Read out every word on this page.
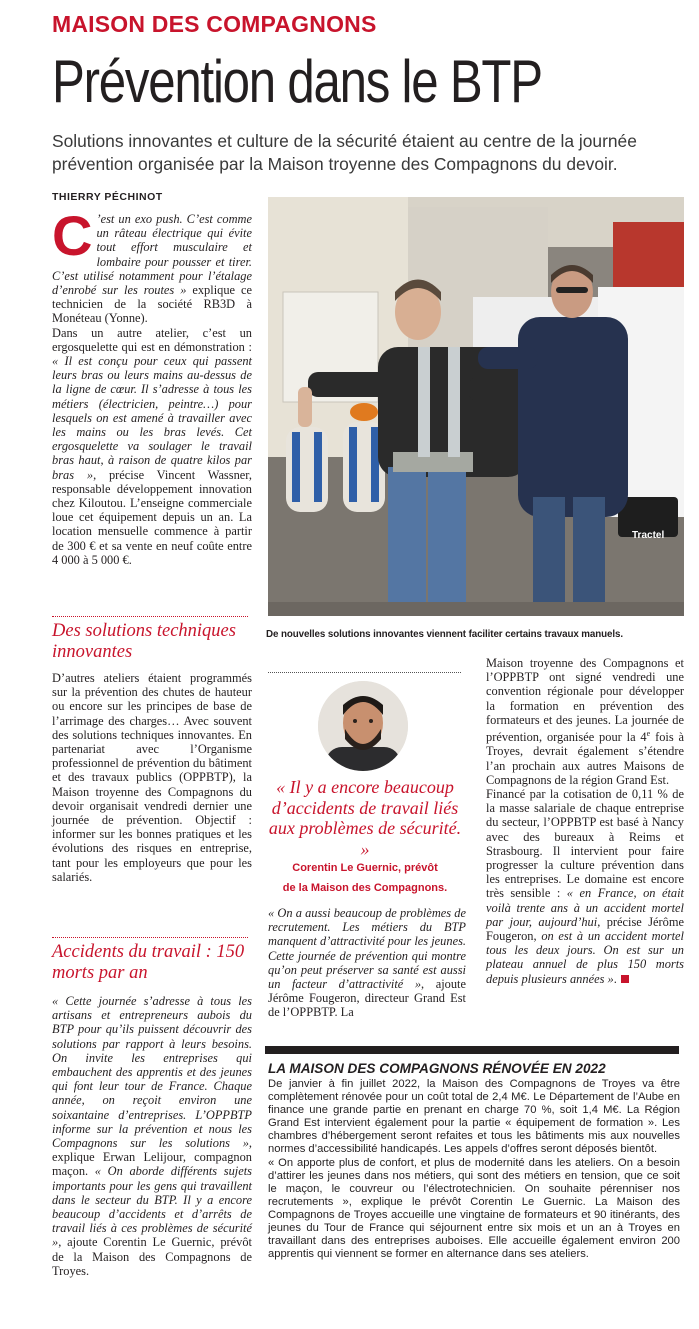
MAISON DES COMPAGNONS
Prévention dans le BTP
Solutions innovantes et culture de la sécurité étaient au centre de la journée prévention organisée par la Maison troyenne des Compagnons du devoir.
THIERRY PÉCHINOT

C ’est un exo push. C’est comme un râteau électrique qui évite tout effort musculaire et lombaire pour pousser et tirer. C’est utilisé notamment pour l’étalage d’enrobé sur les routes » explique ce technicien de la société RB3D à Monéteau (Yonne).

Dans un autre atelier, c’est un ergosquelette qui est en démonstration : « Il est conçu pour ceux qui passent leurs bras ou leurs mains au-dessus de la ligne de cœur. Il s’adresse à tous les métiers (électricien, peintre…) pour lesquels on est amené à travailler avec les mains ou les bras levés. Cet ergosquelette va soulager le travail bras haut, à raison de quatre kilos par bras », précise Vincent Wassner, responsable développement innovation chez Kiloutou. L’enseigne commerciale loue cet équipement depuis un an. La location mensuelle commence à partir de 300 € et sa vente en neuf coûte entre 4 000 à 5 000 €.

Des solutions techniques innovantes

D’autres ateliers étaient programmés sur la prévention des chutes de hauteur ou encore sur les principes de base de l’arrimage des charges… Avec souvent des solutions techniques innovantes. En partenariat avec l’Organisme professionnel de prévention du bâtiment et des travaux publics (OPPBTP), la Maison troyenne des Compagnons du devoir organisait vendredi dernier une journée de prévention. Objectif : informer sur les bonnes pratiques et les évolutions des risques en entreprise, tant pour les employeurs que pour les salariés.

Accidents du travail : 150 morts par an

« Cette journée s’adresse à tous les artisans et entrepreneurs aubois du BTP pour qu’ils puissent découvrir des solutions par rapport à leurs besoins. On invite les entreprises qui embauchent des apprentis et des jeunes qui font leur tour de France. Chaque année, on reçoit environ une soixantaine d’entreprises. L’OPPBTP informe sur la prévention et nous les Compagnons sur les solutions », explique Erwan Lelijour, compagnon maçon. « On aborde différents sujets importants pour les gens qui travaillent dans le secteur du BTP. Il y a encore beaucoup d’accidents et d’arrêts de travail liés à ces problèmes de sécurité », ajoute Corentin Le Guernic, prévôt de la Maison des Compagnons de Troyes.

Tractel
De nouvelles solutions innovantes viennent faciliter certains travaux manuels.
« Il y a encore beaucoup d’accidents de travail liés aux problèmes de sécurité. »
Corentin Le Guernic, prévôt
de la Maison des Compagnons.

« On a aussi beaucoup de problèmes de recrutement. Les métiers du BTP manquent d’attractivité pour les jeunes. Cette journée de prévention qui montre qu’on peut préserver sa santé est aussi un facteur d’attractivité », ajoute Jérôme Fougeron, directeur Grand Est de l’OPPBTP. La

Maison troyenne des Compagnons et l’OPPBTP ont signé vendredi une convention régionale pour développer la formation en prévention des formateurs et des jeunes. La journée de prévention, organisée pour la 4e fois à Troyes, devrait également s’étendre l’an prochain aux autres Maisons de Compagnons de la région Grand Est.

Financé par la cotisation de 0,11 % de la masse salariale de chaque entreprise du secteur, l’OPPBTP est basé à Nancy avec des bureaux à Reims et Strasbourg. Il intervient pour faire progresser la culture prévention dans les entreprises. Le domaine est encore très sensible : « en France, on était voilà trente ans à un accident mortel par jour, aujourd’hui, précise Jérôme Fougeron, on est à un accident mortel tous les deux jours. On est sur un plateau annuel de plus 150 morts depuis plusieurs années ».

LA MAISON DES COMPAGNONS RÉNOVÉE EN 2022

De janvier à fin juillet 2022, la Maison des Compagnons de Troyes va être complètement rénovée pour un coût total de 2,4 M€. Le Département de l’Aube en finance une grande partie en prenant en charge 70 %, soit 1,4 M€. La Région Grand Est intervient également pour la partie « équipement de formation ». Les chambres d’hébergement seront refaites et tous les bâtiments mis aux nouvelles normes d’accessibilité handicapés. Les appels d’offres seront déposés bientôt.

« On apporte plus de confort, et plus de modernité dans les ateliers. On a besoin d’attirer les jeunes dans nos métiers, qui sont des métiers en tension, que ce soit le maçon, le couvreur ou l’électrotechnicien. On souhaite pérenniser nos recrutements », explique le prévôt Corentin Le Guernic. La Maison des Compagnons de Troyes accueille une vingtaine de formateurs et 90 itinérants, des jeunes du Tour de France qui séjournent entre six mois et un an à Troyes en travaillant dans des entreprises auboises. Elle accueille également environ 200 apprentis qui viennent se former en alternance dans ses ateliers.
